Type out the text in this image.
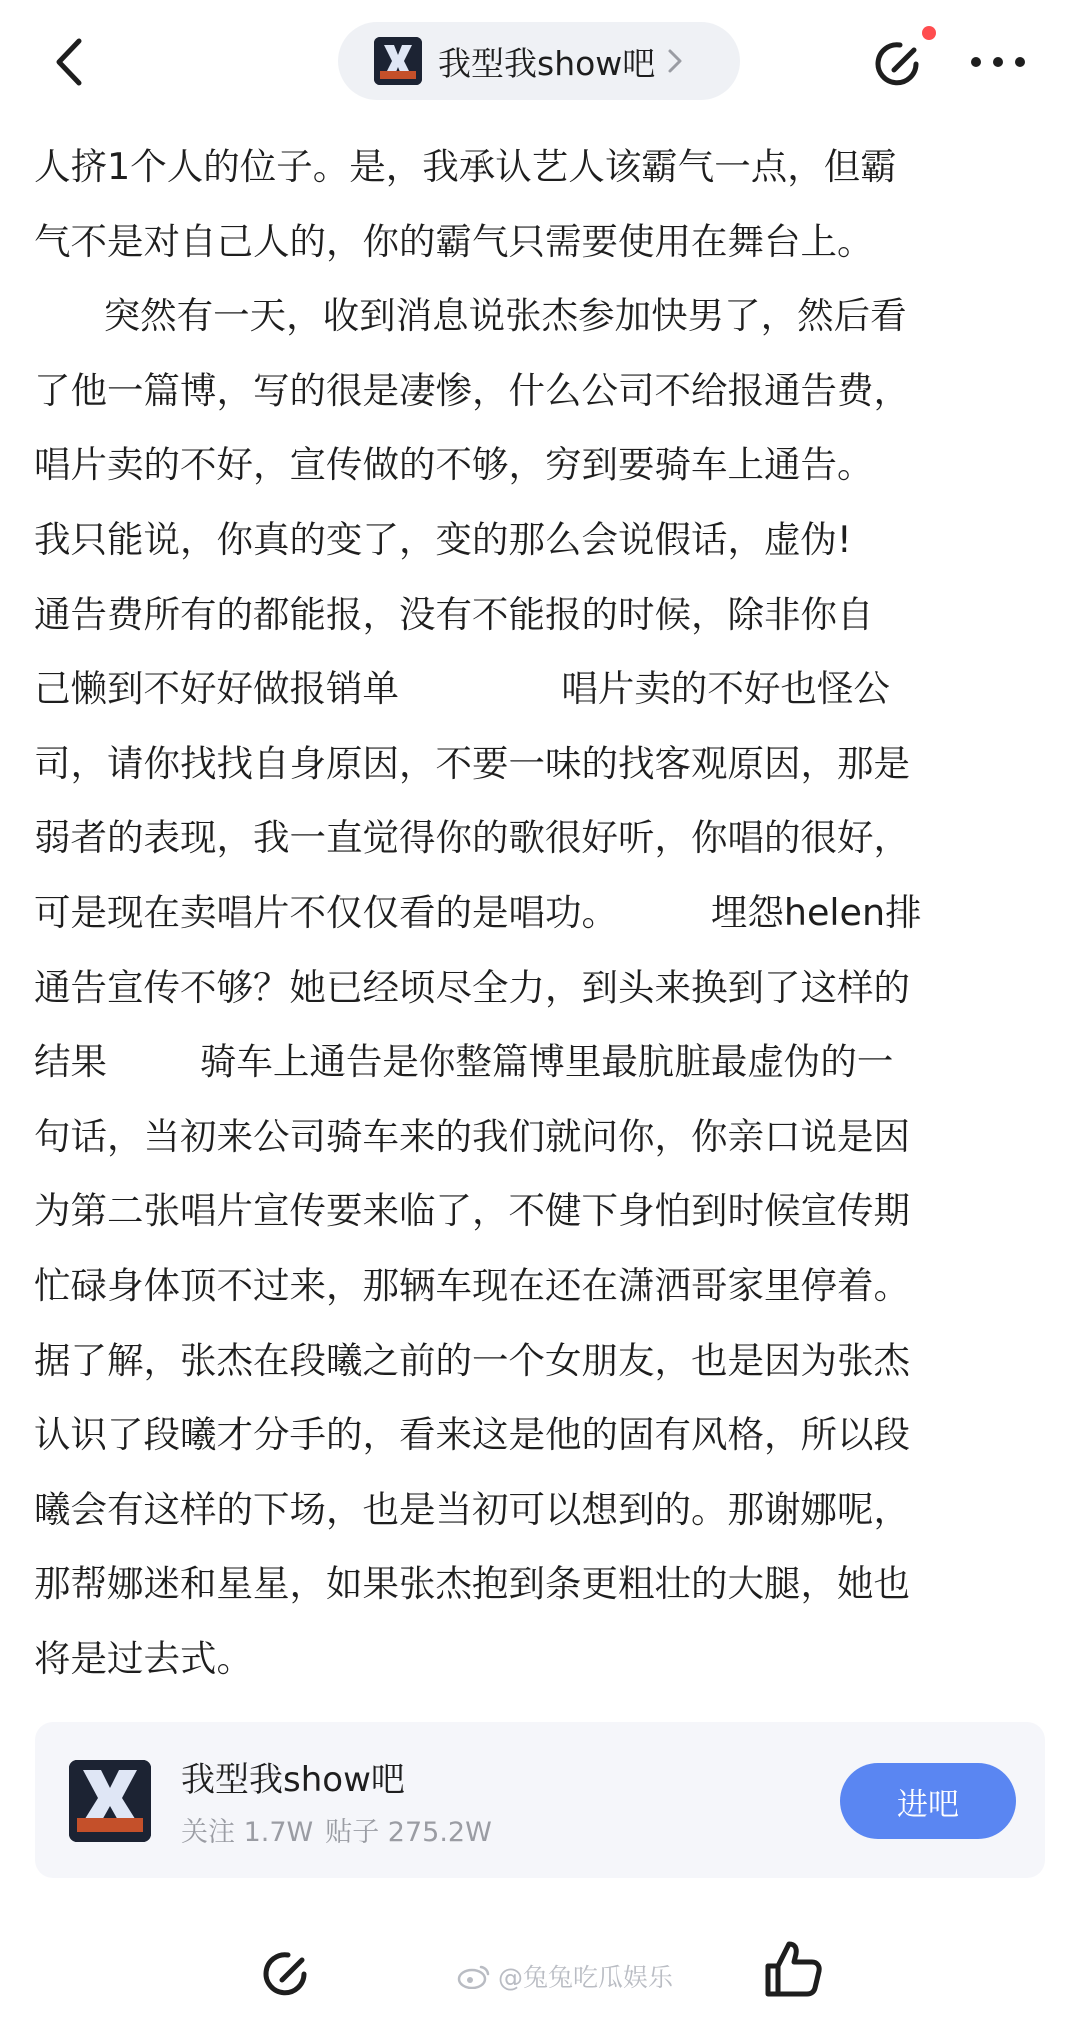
我型我show吧
人挤1个人的位子。是，我承认艺人该霸气一点，但霸
气不是对自己人的，你的霸气只需要使用在舞台上。
突然有一天，收到消息说张杰参加快男了，然后看
了他一篇博，写的很是凄惨，什么公司不给报通告费，
唱片卖的不好，宣传做的不够，穷到要骑车上通告。
我只能说，你真的变了，变的那么会说假话，虚伪!
通告费所有的都能报，没有不能报的时候，除非你自
己懒到不好好做报销单              唱片卖的不好也怪公
司，请你找找自身原因，不要一味的找客观原因，那是
弱者的表现，我一直觉得你的歌很好听，你唱的很好，
可是现在卖唱片不仅仅看的是唱功。        埋怨helen排
通告宣传不够？她已经顷尽全力，到头来换到了这样的
结果        骑车上通告是你整篇博里最肮脏最虚伪的一
句话，当初来公司骑车来的我们就问你，你亲口说是因
为第二张唱片宣传要来临了，不健下身怕到时候宣传期
忙碌身体顶不过来，那辆车现在还在潇洒哥家里停着。
据了解，张杰在段曦之前的一个女朋友，也是因为张杰
认识了段曦才分手的，看来这是他的固有风格，所以段
曦会有这样的下场，也是当初可以想到的。那谢娜呢，
那帮娜迷和星星，如果张杰抱到条更粗壮的大腿，她也
将是过去式。
我型我show吧
关注 1.7W 贴子 275.2W
进吧
@兔兔吃瓜娱乐
